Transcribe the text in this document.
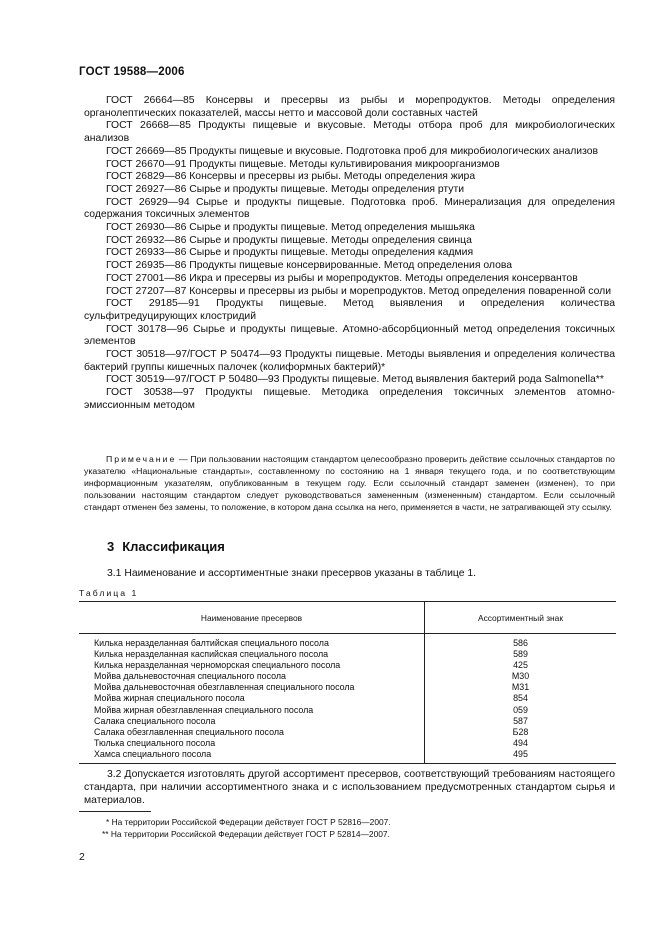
ГОСТ 19588—2006

ГОСТ 26664—85 Консервы и пресервы из рыбы и морепродуктов. Методы определения органолептических показателей, массы нетто и массовой доли составных частей

ГОСТ 26668—85 Продукты пищевые и вкусовые. Методы отбора проб для микробиологических анализов

ГОСТ 26669—85 Продукты пищевые и вкусовые. Подготовка проб для микробиологических анализов

ГОСТ 26670—91 Продукты пищевые. Методы культивирования микроорганизмов

ГОСТ 26829—86 Консервы и пресервы из рыбы. Методы определения жира

ГОСТ 26927—86 Сырье и продукты пищевые. Методы определения ртути

ГОСТ 26929—94 Сырье и продукты пищевые. Подготовка проб. Минерализация для определения содержания токсичных элементов

ГОСТ 26930—86 Сырье и продукты пищевые. Метод определения мышьяка

ГОСТ 26932—86 Сырье и продукты пищевые. Методы определения свинца

ГОСТ 26933—86 Сырье и продукты пищевые. Методы определения кадмия

ГОСТ 26935—86 Продукты пищевые консервированные. Метод определения олова

ГОСТ 27001—86 Икра и пресервы из рыбы и морепродуктов. Методы определения консервантов

ГОСТ 27207—87 Консервы и пресервы из рыбы и морепродуктов. Метод определения поваренной соли

ГОСТ 29185—91 Продукты пищевые. Метод выявления и определения количества сульфитредуцирующих клостридий

ГОСТ 30178—96 Сырье и продукты пищевые. Атомно-абсорбционный метод определения токсичных элементов

ГОСТ 30518—97/ГОСТ Р 50474—93 Продукты пищевые. Методы выявления и определения количества бактерий группы кишечных палочек (колиформных бактерий)*

ГОСТ 30519—97/ГОСТ Р 50480—93 Продукты пищевые. Метод выявления бактерий рода Salmonella**

ГОСТ 30538—97 Продукты пищевые. Методика определения токсичных элементов атомно-эмиссионным методом

Примечание — При пользовании настоящим стандартом целесообразно проверить действие ссылочных стандартов по указателю «Национальные стандарты», составленному по состоянию на 1 января текущего года, и по соответствующим информационным указателям, опубликованным в текущем году. Если ссылочный стандарт заменен (изменен), то при пользовании настоящим стандартом следует руководствоваться замененным (измененным) стандартом. Если ссылочный стандарт отменен без замены, то положение, в котором дана ссылка на него, применяется в части, не затрагивающей эту ссылку.
3 Классификация
3.1 Наименование и ассортиментные знаки пресервов указаны в таблице 1.
Таблица 1
Наименование пресервов	Ассортиментный знак
Килька неразделанная балтийская специального посола	586
Килька неразделанная каспийская специального посола	589
Килька неразделанная черноморская специального посола	425
Мойва дальневосточная специального посола	М30
Мойва дальневосточная обезглавленная специального посола	М31
Мойва жирная специального посола	854
Мойва жирная обезглавленная специального посола	059
Салака специального посола	587
Салака обезглавленная специального посола	Б28
Тюлька специального посола	494
Хамса специального посола	495
3.2 Допускается изготовлять другой ассортимент пресервов, соответствующий требованиям настоящего стандарта, при наличии ассортиментного знака и с использованием предусмотренных стандартом сырья и материалов.
* На территории Российской Федерации действует ГОСТ Р 52816—2007.
** На территории Российской Федерации действует ГОСТ Р 52814—2007.
2
